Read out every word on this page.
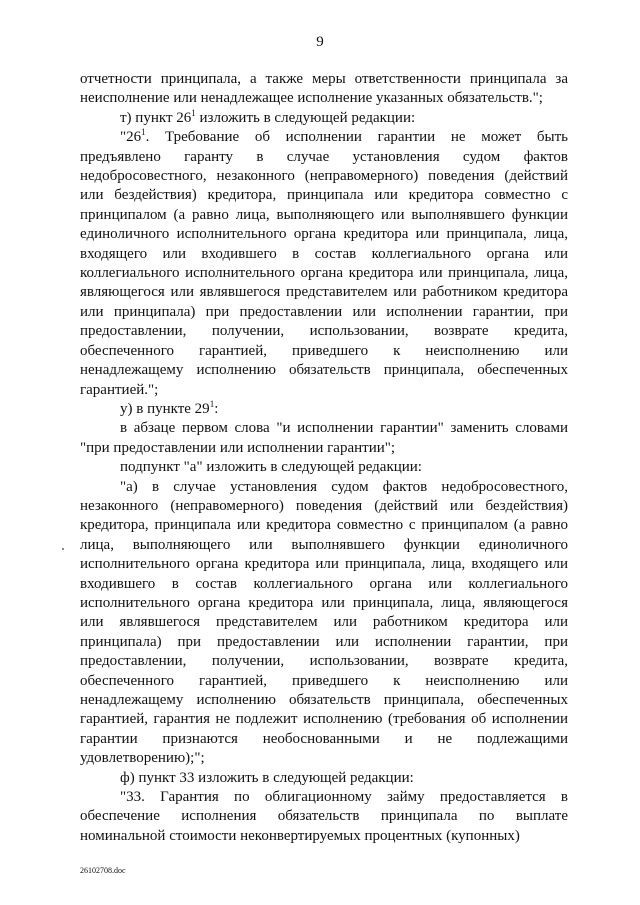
9

отчетности принципала, а также меры ответственности принципала за неисполнение или ненадлежащее исполнение указанных обязательств.";

т) пункт $26^1$ изложить в следующей редакции:

"$26^1$. Требование об исполнении гарантии не может быть предъявлено гаранту в случае установления судом фактов недобросовестного, незаконного (неправомерного) поведения (действий или бездействия) кредитора, принципала или кредитора совместно с принципалом (а равно лица, выполняющего или выполнявшего функции единоличного исполнительного органа кредитора или принципала, лица, входящего или входившего в состав коллегиального органа или коллегиального исполнительного органа кредитора или принципала, лица, являющегося или являвшегося представителем или работником кредитора или принципала) при предоставлении или исполнении гарантии, при предоставлении, получении, использовании, возврате кредита, обеспеченного гарантией, приведшего к неисполнению или ненадлежащему исполнению обязательств принципала, обеспеченных гарантией.";

у) в пункте $29^1$:

в абзаце первом слова "и исполнении гарантии" заменить словами "при предоставлении или исполнении гарантии";

подпункт "а" изложить в следующей редакции:

"а) в случае установления судом фактов недобросовестного, незаконного (неправомерного) поведения (действий или бездействия) кредитора, принципала или кредитора совместно с принципалом (а равно лица, выполняющего или выполнявшего функции единоличного исполнительного органа кредитора или принципала, лица, входящего или входившего в состав коллегиального органа или коллегиального исполнительного органа кредитора или принципала, лица, являющегося или являвшегося представителем или работником кредитора или принципала) при предоставлении или исполнении гарантии, при предоставлении, получении, использовании, возврате кредита, обеспеченного гарантией, приведшего к неисполнению или ненадлежащему исполнению обязательств принципала, обеспеченных гарантией, гарантия не подлежит исполнению (требования об исполнении гарантии признаются необоснованными и не подлежащими удовлетворению);";

ф) пункт 33 изложить в следующей редакции:

"33. Гарантия по облигационному займу предоставляется в обеспечение исполнения обязательств принципала по выплате номинальной стоимости неконвертируемых процентных (купонных)

26102708.doc
